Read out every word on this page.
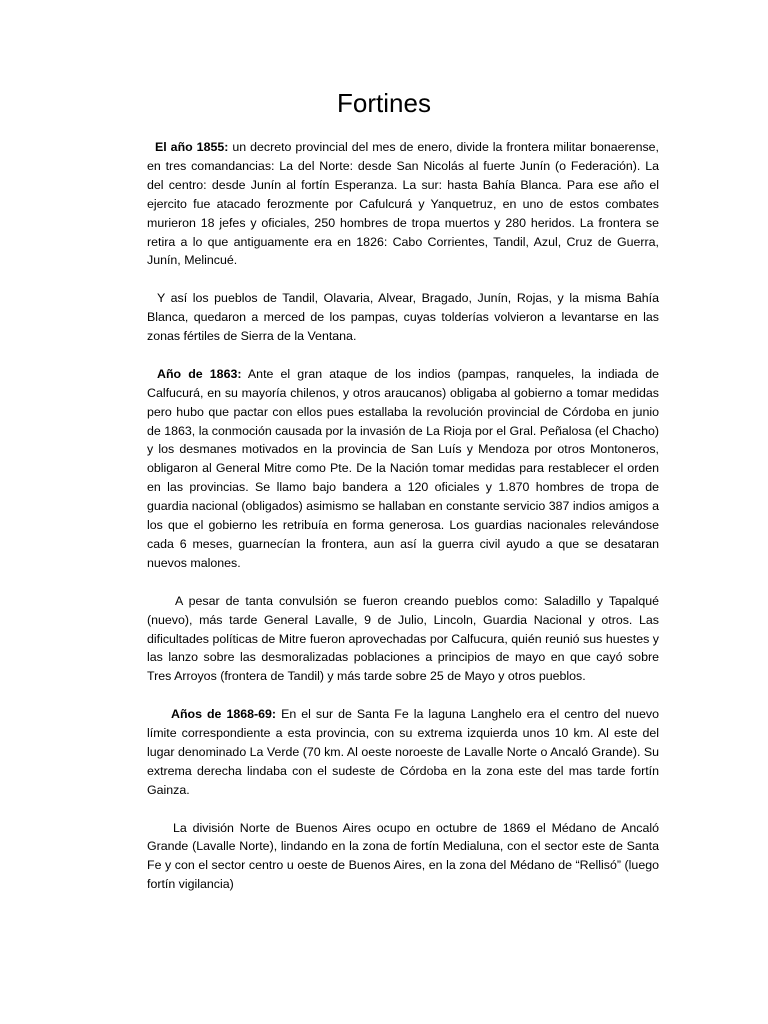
Fortines

El año 1855: un decreto provincial del mes de enero, divide la frontera militar bonaerense, en tres comandancias: La del Norte: desde San Nicolás al fuerte Junín (o Federación). La del centro: desde Junín al fortín Esperanza. La sur: hasta Bahía Blanca. Para ese año el ejercito fue atacado ferozmente por Cafulcurá y Yanquetruz, en uno de estos combates murieron 18 jefes y oficiales, 250 hombres de tropa muertos y 280 heridos. La frontera se retira a lo que antiguamente era en 1826: Cabo Corrientes, Tandil, Azul, Cruz de Guerra, Junín, Melincué.

Y así los pueblos de Tandil, Olavaria, Alvear, Bragado, Junín, Rojas, y la misma Bahía Blanca, quedaron a merced de los pampas, cuyas tolderías volvieron a levantarse en las zonas fértiles de Sierra de la Ventana.

Año de 1863: Ante el gran ataque de los indios (pampas, ranqueles, la indiada de Calfucurá, en su mayoría chilenos, y otros araucanos) obligaba al gobierno a tomar medidas pero hubo que pactar con ellos pues estallaba la revolución provincial de Córdoba en junio de 1863, la conmoción causada por la invasión de La Rioja por el Gral. Peñalosa (el Chacho) y los desmanes motivados en la provincia de San Luís y Mendoza por otros Montoneros, obligaron al General Mitre como Pte. De la Nación tomar medidas para restablecer el orden en las provincias. Se llamo bajo bandera a 120 oficiales y 1.870 hombres de tropa de guardia nacional (obligados) asimismo se hallaban en constante servicio 387 indios amigos a los que el gobierno les retribuía en forma generosa. Los guardias nacionales relevándose cada 6 meses, guarnecían la frontera, aun así la guerra civil ayudo a que se desataran nuevos malones.

A pesar de tanta convulsión se fueron creando pueblos como: Saladillo y Tapalqué (nuevo), más tarde General Lavalle, 9 de Julio, Lincoln, Guardia Nacional y otros. Las dificultades políticas de Mitre fueron aprovechadas por Calfucura, quién reunió sus huestes y las lanzo sobre las desmoralizadas poblaciones a principios de mayo en que cayó sobre Tres Arroyos (frontera de Tandil) y más tarde sobre 25 de Mayo y otros pueblos.

Años de 1868-69: En el sur de Santa Fe la laguna Langhelo era el centro del nuevo límite correspondiente a esta provincia, con su extrema izquierda unos 10 km. Al este del lugar denominado La Verde (70 km. Al oeste noroeste de Lavalle Norte o Ancaló Grande). Su extrema derecha lindaba con el sudeste de Córdoba en la zona este del mas tarde fortín Gainza.

La división Norte de Buenos Aires ocupo en octubre de 1869 el Médano de Ancaló Grande (Lavalle Norte), lindando en la zona de fortín Medialuna, con el sector este de Santa Fe y con el sector centro u oeste de Buenos Aires, en la zona del Médano de “Rellisó” (luego fortín vigilancia)
